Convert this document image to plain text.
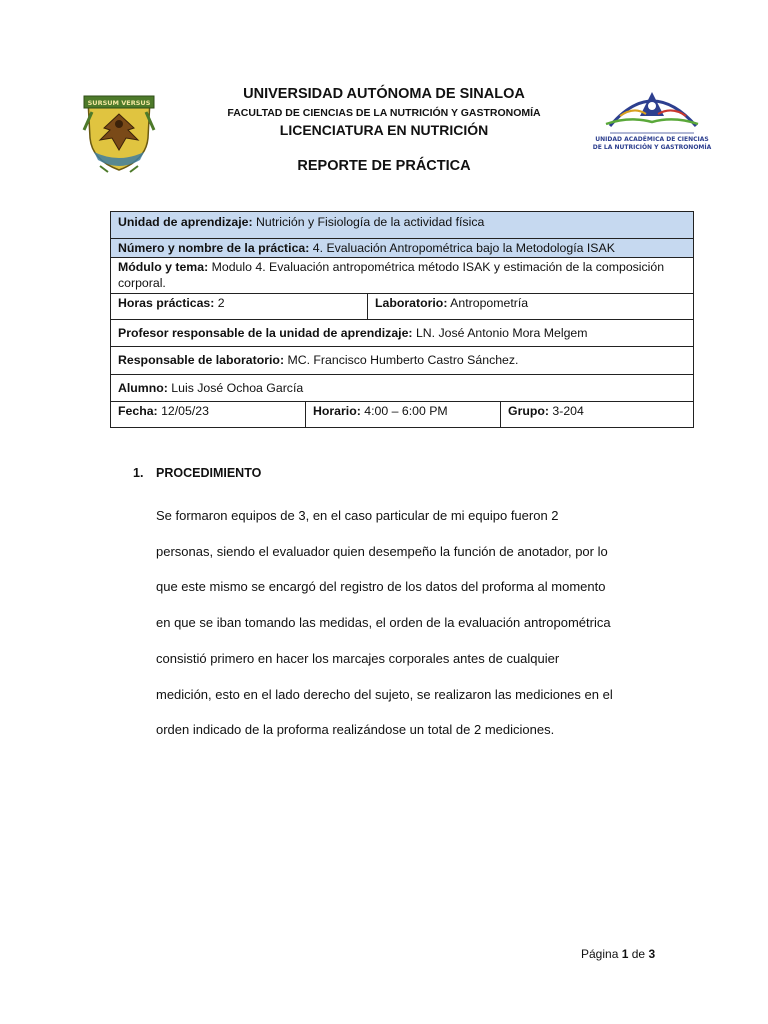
SURSUM VERSUS
UNIVERSIDAD AUTÓNOMA DE SINALOA
FACULTAD DE CIENCIAS DE LA NUTRICIÓN Y GASTRONOMÍA
LICENCIATURA EN NUTRICIÓN
REPORTE DE PRÁCTICA
UNIDAD ACADÉMICA DE CIENCIAS
DE LA NUTRICIÓN Y GASTRONOMÍA
Unidad de aprendizaje: Nutrición y Fisiología de la actividad física			
Número y nombre de la práctica: 4. Evaluación Antropométrica bajo la Metodología ISAK			
Módulo y tema: Modulo 4. Evaluación antropométrica método ISAK y estimación de la composición corporal.			
Horas prácticas: 2		Laboratorio: Antropometría	
Profesor responsable de la unidad de aprendizaje: LN. José Antonio Mora Melgem			
Responsable de laboratorio: MC. Francisco Humberto Castro Sánchez.			
Alumno: Luis José Ochoa García			
Fecha: 12/05/23	Horario: 4:00 – 6:00 PM		Grupo: 3-204
1. PROCEDIMIENTO
Se formaron equipos de 3, en el caso particular de mi equipo fueron 2
personas, siendo el evaluador quien desempeño la función de anotador, por lo
que este mismo se encargó del registro de los datos del proforma al momento
en que se iban tomando las medidas, el orden de la evaluación antropométrica
consistió primero en hacer los marcajes corporales antes de cualquier
medición, esto en el lado derecho del sujeto, se realizaron las mediciones en el
orden indicado de la proforma realizándose un total de 2 mediciones.
Página 1 de 3
